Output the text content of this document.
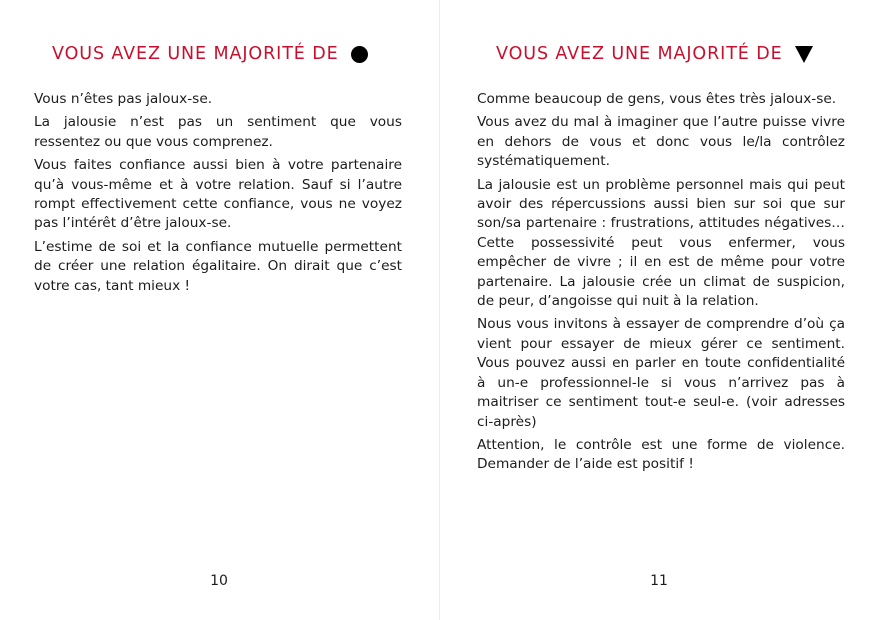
VOUS AVEZ UNE MAJORITÉ DE

Vous n’êtes pas jaloux-se.

La jalousie n’est pas un sentiment que vous ressentez ou que vous comprenez.

Vous faites confiance aussi bien à votre partenaire qu’à vous-même et à votre relation. Sauf si l’autre rompt effectivement cette confiance, vous ne voyez pas l’intérêt d’être jaloux-se.

L’estime de soi et la confiance mutuelle permettent de créer une relation égalitaire. On dirait que c’est votre cas, tant mieux !

10
VOUS AVEZ UNE MAJORITÉ DE

Comme beaucoup de gens, vous êtes très jaloux-se.

Vous avez du mal à imaginer que l’autre puisse vivre en dehors de vous et donc vous le/la contrôlez systématiquement.

La jalousie est un problème personnel mais qui peut avoir des répercussions aussi bien sur soi que sur son/sa partenaire : frustrations, attitudes négatives… Cette possessivité peut vous enfermer, vous empêcher de vivre ; il en est de même pour votre partenaire. La jalousie crée un climat de suspicion, de peur, d’angoisse qui nuit à la relation.

Nous vous invitons à essayer de comprendre d’où ça vient pour essayer de mieux gérer ce sentiment. Vous pouvez aussi en parler en toute confidentialité à un-e professionnel-le si vous n’arrivez pas à maitriser ce sentiment tout-e seul-e. (voir adresses ci-après)

Attention, le contrôle est une forme de violence. Demander de l’aide est positif !

11
